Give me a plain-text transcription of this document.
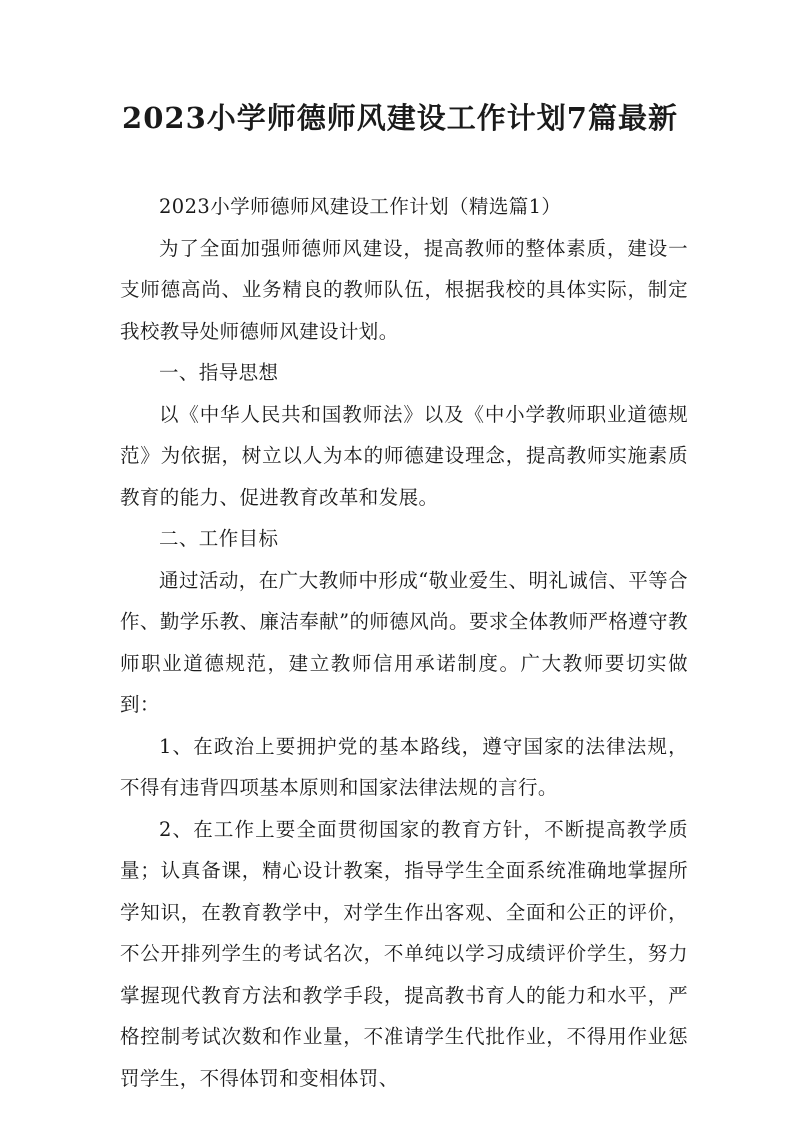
2023小学师德师风建设工作计划7篇最新

2023小学师德师风建设工作计划（精选篇1）

为了全面加强师德师风建设，提高教师的整体素质，建设一支师德高尚、业务精良的教师队伍，根据我校的具体实际，制定我校教导处师德师风建设计划。

一、指导思想

以《中华人民共和国教师法》以及《中小学教师职业道德规范》为依据，树立以人为本的师德建设理念，提高教师实施素质教育的能力、促进教育改革和发展。

二、工作目标

通过活动，在广大教师中形成“敬业爱生、明礼诚信、平等合作、勤学乐教、廉洁奉献”的师德风尚。要求全体教师严格遵守教师职业道德规范，建立教师信用承诺制度。广大教师要切实做到：

1、在政治上要拥护党的基本路线，遵守国家的法律法规，不得有违背四项基本原则和国家法律法规的言行。

2、在工作上要全面贯彻国家的教育方针，不断提高教学质量；认真备课，精心设计教案，指导学生全面系统准确地掌握所学知识，在教育教学中，对学生作出客观、全面和公正的评价，不公开排列学生的考试名次，不单纯以学习成绩评价学生，努力掌握现代教育方法和教学手段，提高教书育人的能力和水平，严格控制考试次数和作业量，不准请学生代批作业，不得用作业惩罚学生，不得体罚和变相体罚、
